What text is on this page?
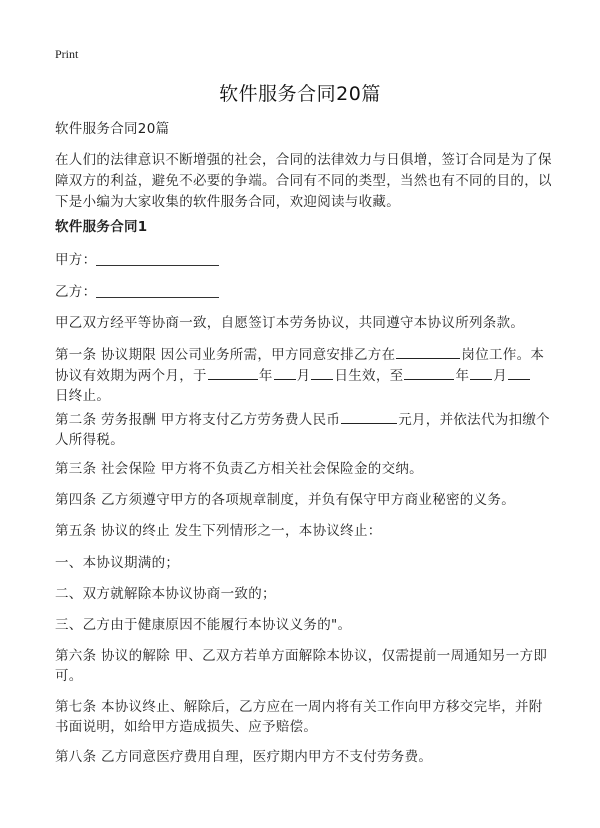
Print
软件服务合同20篇
软件服务合同20篇
在人们的法律意识不断增强的社会，合同的法律效力与日俱增，签订合同是为了保障双方的利益，避免不必要的争端。合同有不同的类型，当然也有不同的目的，以下是小编为大家收集的软件服务合同，欢迎阅读与收藏。
软件服务合同1
甲方：
乙方：
甲乙双方经平等协商一致，自愿签订本劳务协议，共同遵守本协议所列条款。
第一条 协议期限 因公司业务所需，甲方同意安排乙方在	岗位工作。本
协议有效期为两个月，于	年 月 日生效，至	年 月
日终止。
第二条 劳务报酬 甲方将支付乙方劳务费人民币	元月，并依法代为扣缴个人所得税。
第三条 社会保险 甲方将不负责乙方相关社会保险金的交纳。
第四条 乙方须遵守甲方的各项规章制度，并负有保守甲方商业秘密的义务。
第五条 协议的终止 发生下列情形之一，本协议终止：
一、本协议期满的；
二、双方就解除本协议协商一致的；
三、乙方由于健康原因不能履行本协议义务的"。
第六条 协议的解除 甲、乙双方若单方面解除本协议，仅需提前一周通知另一方即可。
第七条 本协议终止、解除后，乙方应在一周内将有关工作向甲方移交完毕，并附书面说明，如给甲方造成损失、应予赔偿。
第八条 乙方同意医疗费用自理，医疗期内甲方不支付劳务费。
